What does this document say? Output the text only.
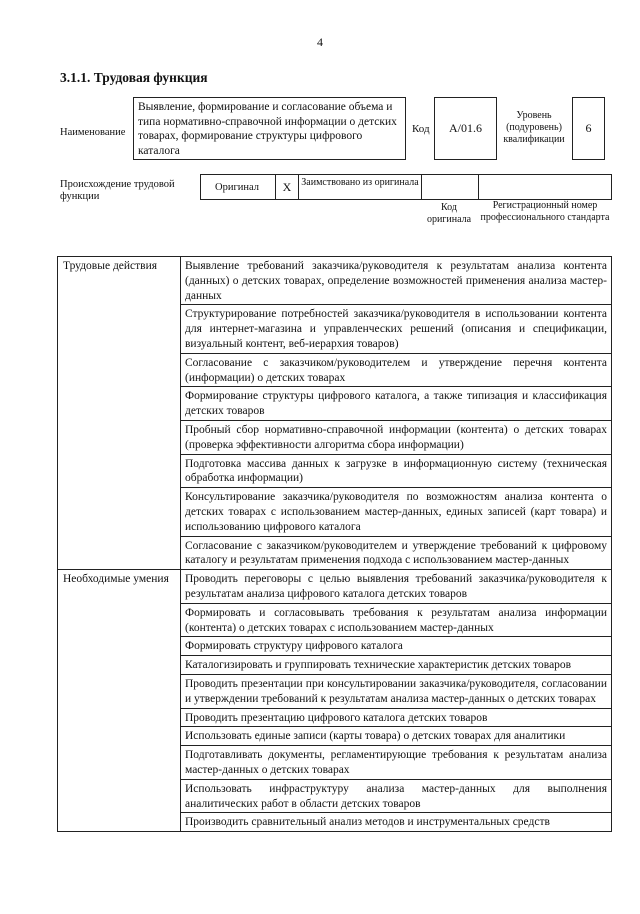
4
3.1.1. Трудовая функция
Наименование
Выявление, формирование и согласование объема и типа нормативно-справочной информации о детских товарах, формирование структуры цифрового каталога
Код A/01.6
Уровень (подуровень) квалификации
6
Происхождение трудовой функции
Оригинал X Заимствовано из оригинала
Код оригинала
Регистрационный номер профессионального стандарта
Трудовые действия	Выявление требований заказчика/руководителя к результатам анализа контента (данных) о детских товарах, определение возможностей применения анализа мастер-данных
	Структурирование потребностей заказчика/руководителя в использовании контента для интернет-магазина и управленческих решений (описания и спецификации, визуальный контент, веб-иерархия товаров)
	Согласование с заказчиком/руководителем и утверждение перечня контента (информации) о детских товарах
	Формирование структуры цифрового каталога, а также типизация и классификация детских товаров
	Пробный сбор нормативно-справочной информации (контента) о детских товарах (проверка эффективности алгоритма сбора информации)
	Подготовка массива данных к загрузке в информационную систему (техническая обработка информации)
	Консультирование заказчика/руководителя по возможностям анализа контента о детских товарах с использованием мастер-данных, единых записей (карт товара) и использованию цифрового каталога
	Согласование с заказчиком/руководителем и утверждение требований к цифровому каталогу и результатам применения подхода с использованием мастер-данных
Необходимые умения	Проводить переговоры с целью выявления требований заказчика/руководителя к результатам анализа цифрового каталога детских товаров
	Формировать и согласовывать требования к результатам анализа информации (контента) о детских товарах с использованием мастер-данных
	Формировать структуру цифрового каталога
	Каталогизировать и группировать технические характеристик детских товаров
	Проводить презентации при консультировании заказчика/руководителя, согласовании и утверждении требований к результатам анализа мастер-данных о детских товарах
	Проводить презентацию цифрового каталога детских товаров
	Использовать единые записи (карты товара) о детских товарах для аналитики
	Подготавливать документы, регламентирующие требования к результатам анализа мастер-данных о детских товарах
	Использовать инфраструктуру анализа мастер-данных для выполнения аналитических работ в области детских товаров
	Производить сравнительный анализ методов и инструментальных средств
